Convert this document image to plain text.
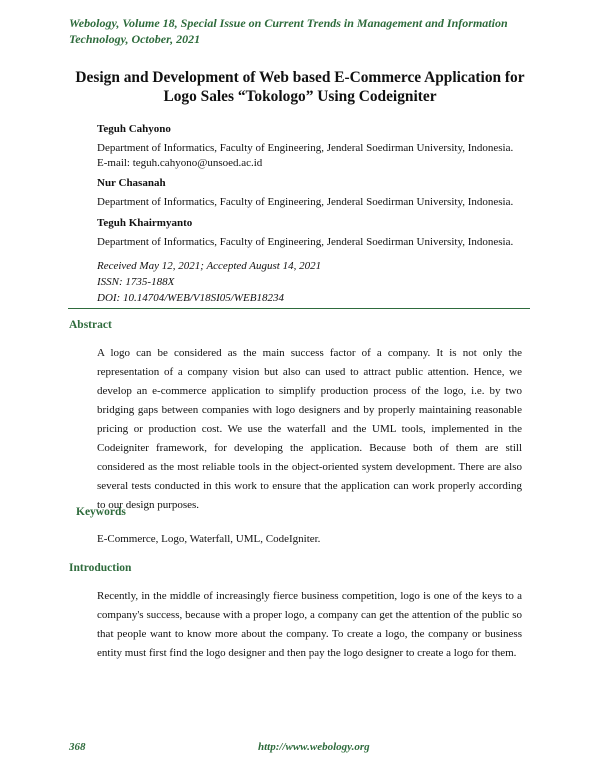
Webology, Volume 18, Special Issue on Current Trends in Management and Information Technology, October, 2021
Design and Development of Web based E-Commerce Application for Logo Sales “Tokologo” Using Codeigniter
Teguh Cahyono
Department of Informatics, Faculty of Engineering, Jenderal Soedirman University, Indonesia.
E-mail: teguh.cahyono@unsoed.ac.id
Nur Chasanah
Department of Informatics, Faculty of Engineering, Jenderal Soedirman University, Indonesia.
Teguh Khairmyanto
Department of Informatics, Faculty of Engineering, Jenderal Soedirman University, Indonesia.
Received May 12, 2021; Accepted August 14, 2021
ISSN: 1735-188X
DOI: 10.14704/WEB/V18SI05/WEB18234
Abstract
A logo can be considered as the main success factor of a company. It is not only the representation of a company vision but also can used to attract public attention. Hence, we develop an e-commerce application to simplify production process of the logo, i.e. by two bridging gaps between companies with logo designers and by properly maintaining reasonable pricing or production cost. We use the waterfall and the UML tools, implemented in the Codeigniter framework, for developing the application. Because both of them are still considered as the most reliable tools in the object-oriented system development. There are also several tests conducted in this work to ensure that the application can work properly according to our design purposes.
Keywords
E-Commerce, Logo, Waterfall, UML, CodeIgniter.
Introduction
Recently, in the middle of increasingly fierce business competition, logo is one of the keys to a company's success, because with a proper logo, a company can get the attention of the public so that people want to know more about the company. To create a logo, the company or business entity must first find the logo designer and then pay the logo designer to create a logo for them.
368	http://www.webology.org
